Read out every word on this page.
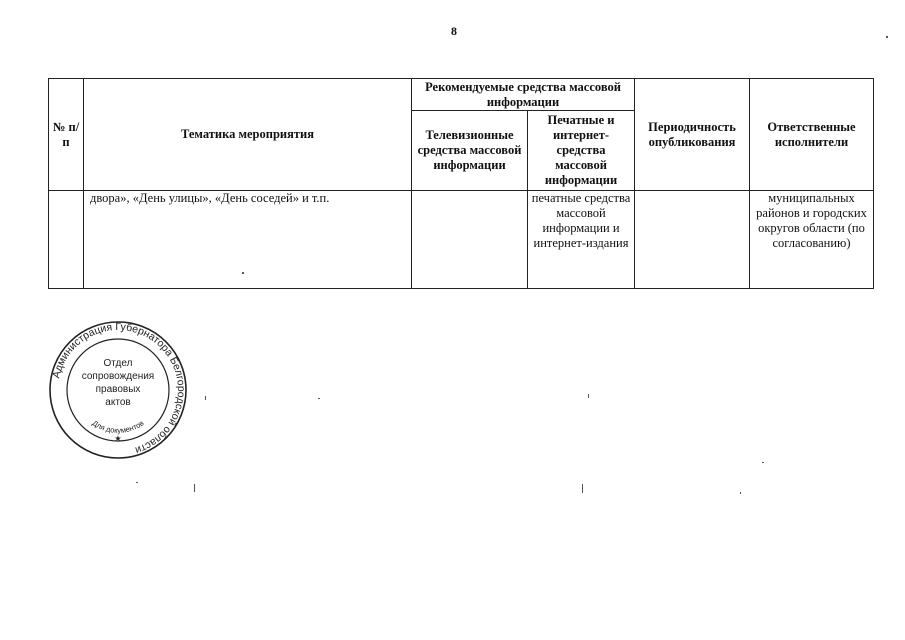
8
№ п/п	Тематика мероприятия	Рекомендуемые средства массовой информации		Периодичность опубликования	Ответственные исполнители
		Телевизионные средства массовой информации	Печатные и интернет-средства массовой информации		
	двора», «День улицы», «День соседей» и т.п.		печатные средства массовой информации и интернет-издания		муниципальных районов и городских округов области (по согласованию)
Администрация Губернатора Белгородской области
Отдел
сопровождения
правовых
актов
Для документов
★
